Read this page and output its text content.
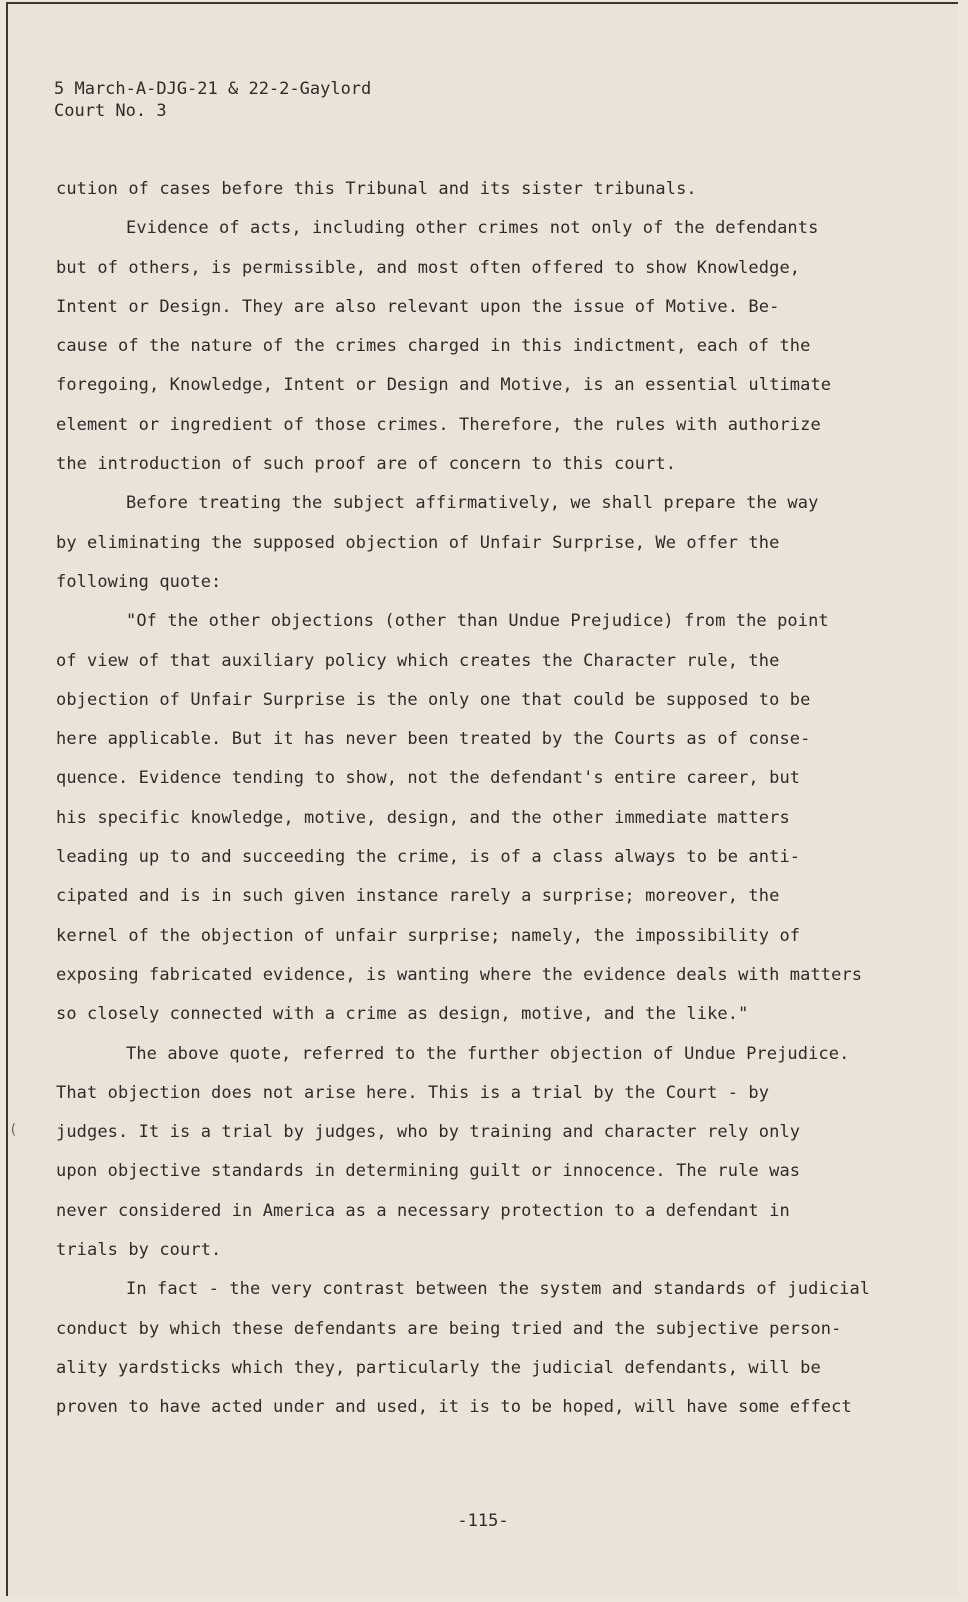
5 March-A-DJG-21 & 22-2-Gaylord
Court No. 3
cution of cases before this Tribunal and its sister tribunals.
Evidence of acts, including other crimes not only of the defendants
but of others, is permissible, and most often offered to show Knowledge,
Intent or Design. They are also relevant upon the issue of Motive. Be-
cause of the nature of the crimes charged in this indictment, each of the
foregoing, Knowledge, Intent or Design and Motive, is an essential ultimate
element or ingredient of those crimes. Therefore, the rules with authorize
the introduction of such proof are of concern to this court.
Before treating the subject affirmatively, we shall prepare the way
by eliminating the supposed objection of Unfair Surprise, We offer the
following quote:
"Of the other objections (other than Undue Prejudice) from the point
of view of that auxiliary policy which creates the Character rule, the
objection of Unfair Surprise is the only one that could be supposed to be
here applicable. But it has never been treated by the Courts as of conse-
quence. Evidence tending to show, not the defendant's entire career, but
his specific knowledge, motive, design, and the other immediate matters
leading up to and succeeding the crime, is of a class always to be anti-
cipated and is in such given instance rarely a surprise; moreover, the
kernel of the objection of unfair surprise; namely, the impossibility of
exposing fabricated evidence, is wanting where the evidence deals with matters
so closely connected with a crime as design, motive, and the like."
The above quote, referred to the further objection of Undue Prejudice.
That objection does not arise here. This is a trial by the Court - by
judges. It is a trial by judges, who by training and character rely only
upon objective standards in determining guilt or innocence. The rule was
never considered in America as a necessary protection to a defendant in
trials by court.
In fact - the very contrast between the system and standards of judicial
conduct by which these defendants are being tried and the subjective person-
ality yardsticks which they, particularly the judicial defendants, will be
proven to have acted under and used, it is to be hoped, will have some effect
(
-115-
